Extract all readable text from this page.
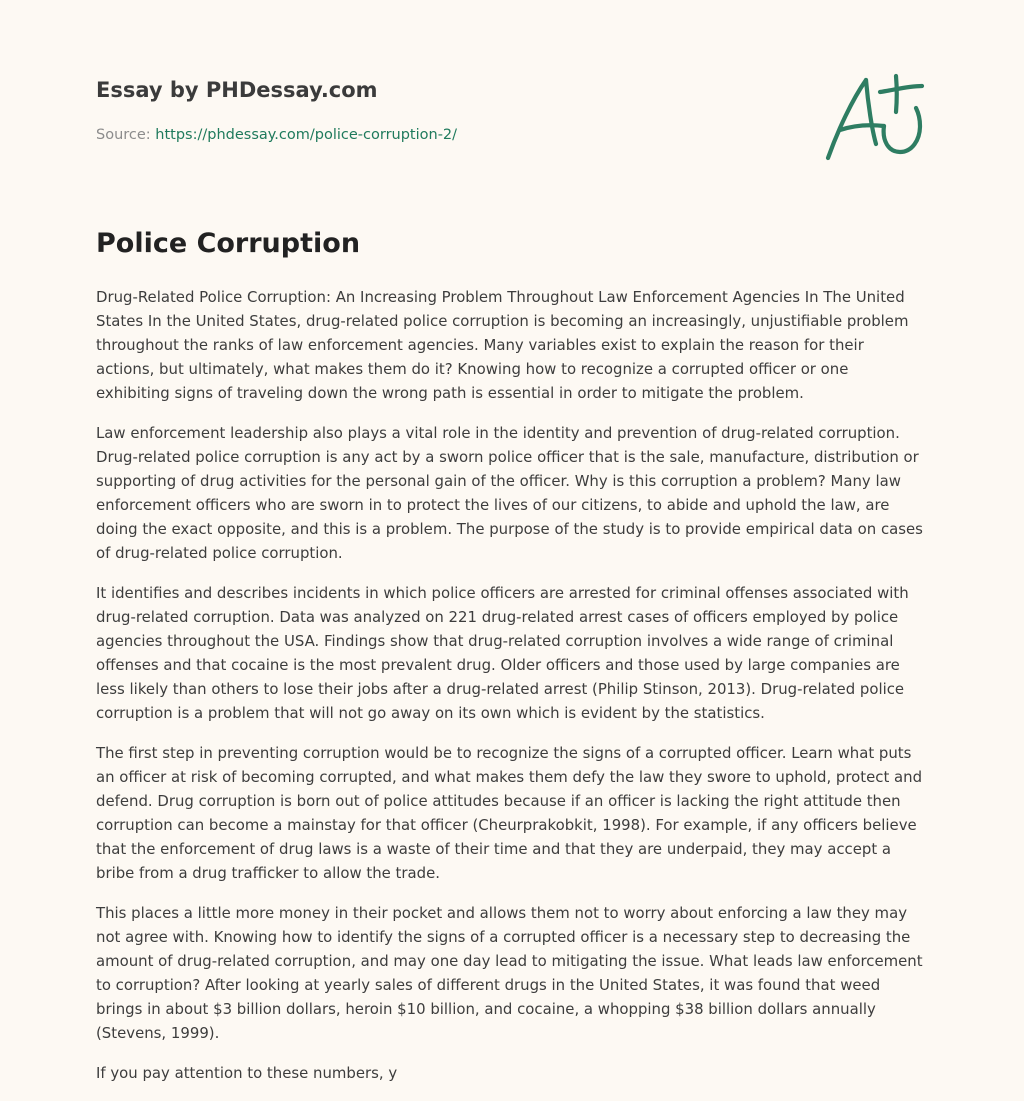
Essay by PHDessay.com
Source: https://phdessay.com/police-corruption-2/
Police Corruption

Drug-Related Police Corruption: An Increasing Problem Throughout Law Enforcement Agencies In The United States In the United States, drug-related police corruption is becoming an increasingly, unjustifiable problem throughout the ranks of law enforcement agencies. Many variables exist to explain the reason for their actions, but ultimately, what makes them do it? Knowing how to recognize a corrupted officer or one exhibiting signs of traveling down the wrong path is essential in order to mitigate the problem.

Law enforcement leadership also plays a vital role in the identity and prevention of drug-related corruption. Drug-related police corruption is any act by a sworn police officer that is the sale, manufacture, distribution or supporting of drug activities for the personal gain of the officer. Why is this corruption a problem? Many law enforcement officers who are sworn in to protect the lives of our citizens, to abide and uphold the law, are doing the exact opposite, and this is a problem. The purpose of the study is to provide empirical data on cases of drug-related police corruption.

It identifies and describes incidents in which police officers are arrested for criminal offenses associated with drug-related corruption. Data was analyzed on 221 drug-related arrest cases of officers employed by police agencies throughout the USA. Findings show that drug-related corruption involves a wide range of criminal offenses and that cocaine is the most prevalent drug. Older officers and those used by large companies are less likely than others to lose their jobs after a drug-related arrest (Philip Stinson, 2013). Drug-related police corruption is a problem that will not go away on its own which is evident by the statistics.

The first step in preventing corruption would be to recognize the signs of a corrupted officer. Learn what puts an officer at risk of becoming corrupted, and what makes them defy the law they swore to uphold, protect and defend. Drug corruption is born out of police attitudes because if an officer is lacking the right attitude then corruption can become a mainstay for that officer (Cheurprakobkit, 1998). For example, if any officers believe that the enforcement of drug laws is a waste of their time and that they are underpaid, they may accept a bribe from a drug trafficker to allow the trade.

This places a little more money in their pocket and allows them not to worry about enforcing a law they may not agree with. Knowing how to identify the signs of a corrupted officer is a necessary step to decreasing the amount of drug-related corruption, and may one day lead to mitigating the issue. What leads law enforcement to corruption? After looking at yearly sales of different drugs in the United States, it was found that weed brings in about $3 billion dollars, heroin $10 billion, and cocaine, a whopping $38 billion dollars annually (Stevens, 1999).

If you pay attention to these numbers, y
